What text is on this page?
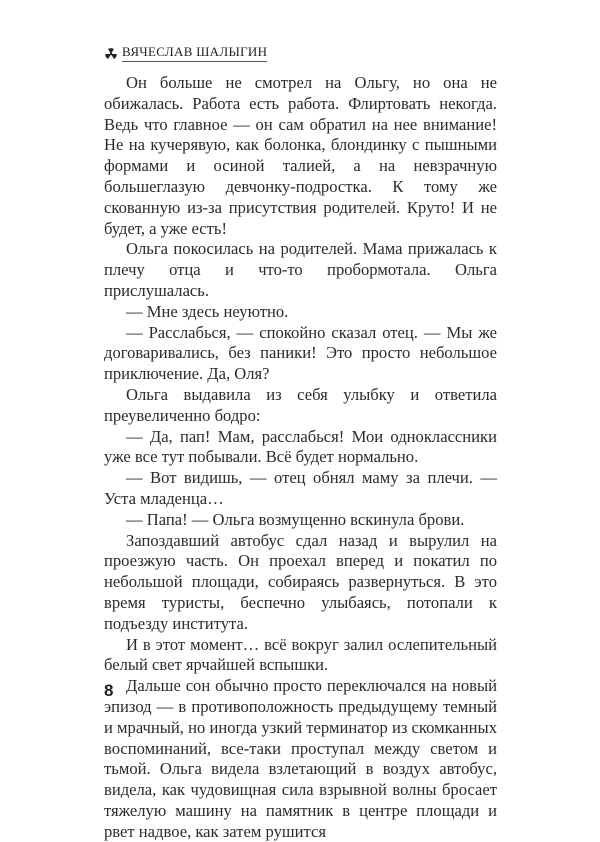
ВЯЧЕСЛАВ ШАЛЫГИН

Он больше не смотрел на Ольгу, но она не обижалась. Работа есть работа. Флиртовать некогда. Ведь что главное — он сам обратил на нее внимание! Не на кучерявую, как болонка, блондинку с пышными формами и осиной талией, а на невзрачную большеглазую девчонку-подростка. К тому же скованную из-за присутствия родителей. Круто! И не будет, а уже есть!

Ольга покосилась на родителей. Мама прижалась к плечу отца и что-то пробормотала. Ольга прислушалась.

— Мне здесь неуютно.

— Расслабься, — спокойно сказал отец. — Мы же договаривались, без паники! Это просто небольшое приключение. Да, Оля?

Ольга выдавила из себя улыбку и ответила преувеличенно бодро:

— Да, пап! Мам, расслабься! Мои одноклассники уже все тут побывали. Всё будет нормально.

— Вот видишь, — отец обнял маму за плечи. — Уста младенца…

— Папа! — Ольга возмущенно вскинула брови.

Запоздавший автобус сдал назад и вырулил на проезжую часть. Он проехал вперед и покатил по небольшой площади, собираясь развернуться. В это время туристы, беспечно улыбаясь, потопали к подъезду института.

И в этот момент… всё вокруг залил ослепительный белый свет ярчайшей вспышки.

Дальше сон обычно просто переключался на новый эпизод — в противоположность предыдущему темный и мрачный, но иногда узкий терминатор из скомканных воспоминаний, все-таки проступал между светом и тьмой. Ольга видела взлетающий в воздух автобус, видела, как чудовищная сила взрывной волны бросает тяжелую машину на памятник в центре площади и рвет надвое, как затем рушится

8
